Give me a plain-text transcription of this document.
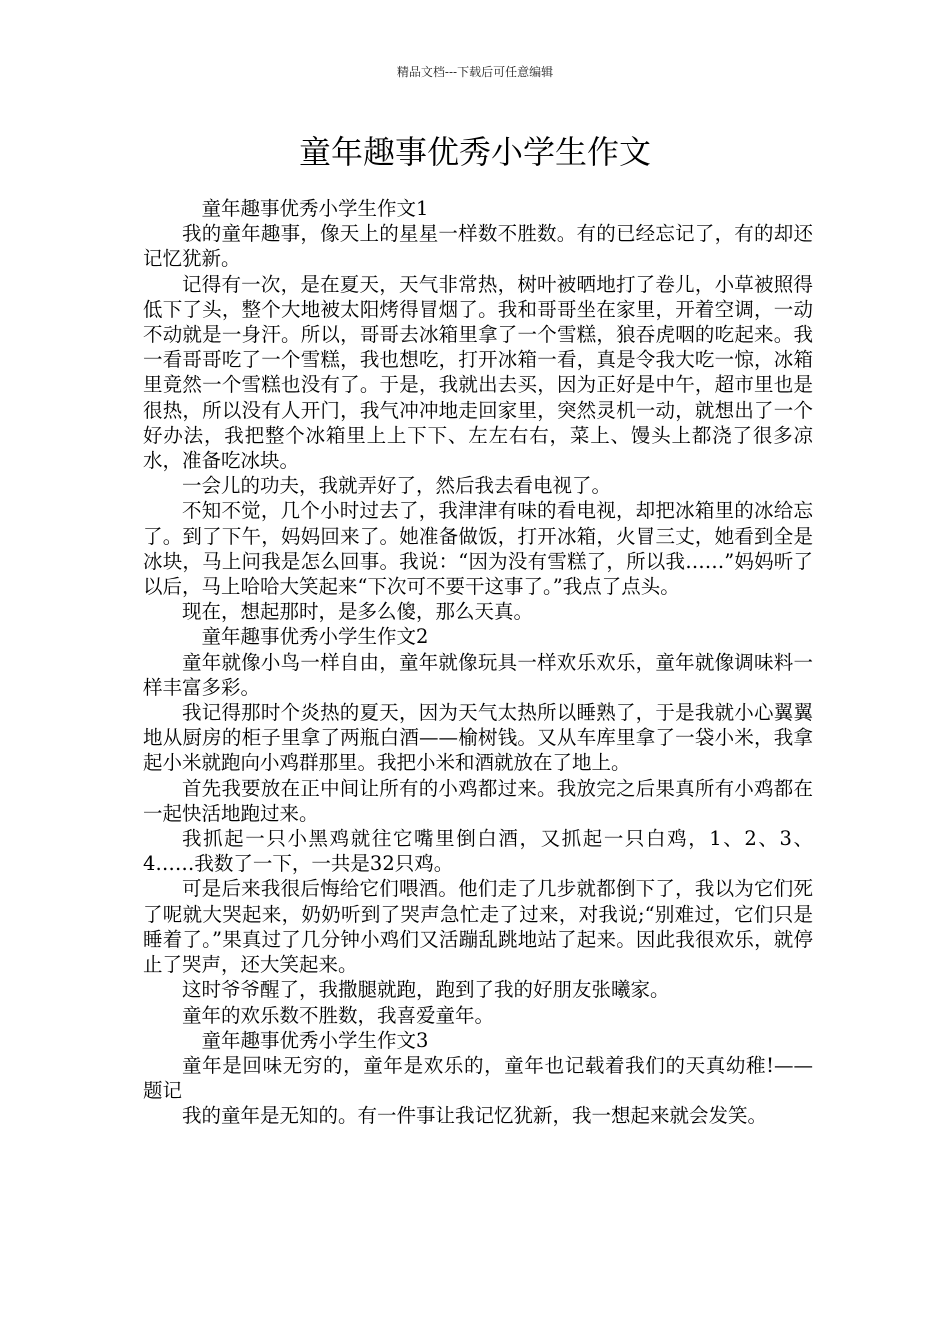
精品文档---下载后可任意编辑
童年趣事优秀小学生作文

童年趣事优秀小学生作文1

我的童年趣事，像天上的星星一样数不胜数。有的已经忘记了，有的却还记忆犹新。

记得有一次，是在夏天，天气非常热，树叶被晒地打了卷儿，小草被照得低下了头，整个大地被太阳烤得冒烟了。我和哥哥坐在家里，开着空调，一动不动就是一身汗。所以，哥哥去冰箱里拿了一个雪糕，狼吞虎咽的吃起来。我一看哥哥吃了一个雪糕，我也想吃，打开冰箱一看，真是令我大吃一惊，冰箱里竟然一个雪糕也没有了。于是，我就出去买，因为正好是中午，超市里也是很热，所以没有人开门，我气冲冲地走回家里，突然灵机一动，就想出了一个好办法，我把整个冰箱里上上下下、左左右右，菜上、馒头上都浇了很多凉水，准备吃冰块。

一会儿的功夫，我就弄好了，然后我去看电视了。

不知不觉，几个小时过去了，我津津有味的看电视，却把冰箱里的冰给忘了。到了下午，妈妈回来了。她准备做饭，打开冰箱，火冒三丈，她看到全是冰块，马上问我是怎么回事。我说：“因为没有雪糕了，所以我……”妈妈听了以后，马上哈哈大笑起来“下次可不要干这事了。”我点了点头。

现在，想起那时，是多么傻，那么天真。

童年趣事优秀小学生作文2

童年就像小鸟一样自由，童年就像玩具一样欢乐欢乐，童年就像调味料一样丰富多彩。

我记得那时个炎热的夏天，因为天气太热所以睡熟了，于是我就小心翼翼地从厨房的柜子里拿了两瓶白酒——榆树钱。又从车库里拿了一袋小米，我拿起小米就跑向小鸡群那里。我把小米和酒就放在了地上。

首先我要放在正中间让所有的小鸡都过来。我放完之后果真所有小鸡都在一起快活地跑过来。

我抓起一只小黑鸡就往它嘴里倒白酒，又抓起一只白鸡，1、2、3、4……我数了一下，一共是32只鸡。

可是后来我很后悔给它们喂酒。他们走了几步就都倒下了，我以为它们死了呢就大哭起来，奶奶听到了哭声急忙走了过来，对我说;“别难过，它们只是睡着了。”果真过了几分钟小鸡们又活蹦乱跳地站了起来。因此我很欢乐，就停止了哭声，还大笑起来。

这时爷爷醒了，我撒腿就跑，跑到了我的好朋友张曦家。

童年的欢乐数不胜数，我喜爱童年。

童年趣事优秀小学生作文3

童年是回味无穷的，童年是欢乐的，童年也记载着我们的天真幼稚!——题记

我的童年是无知的。有一件事让我记忆犹新，我一想起来就会发笑。
